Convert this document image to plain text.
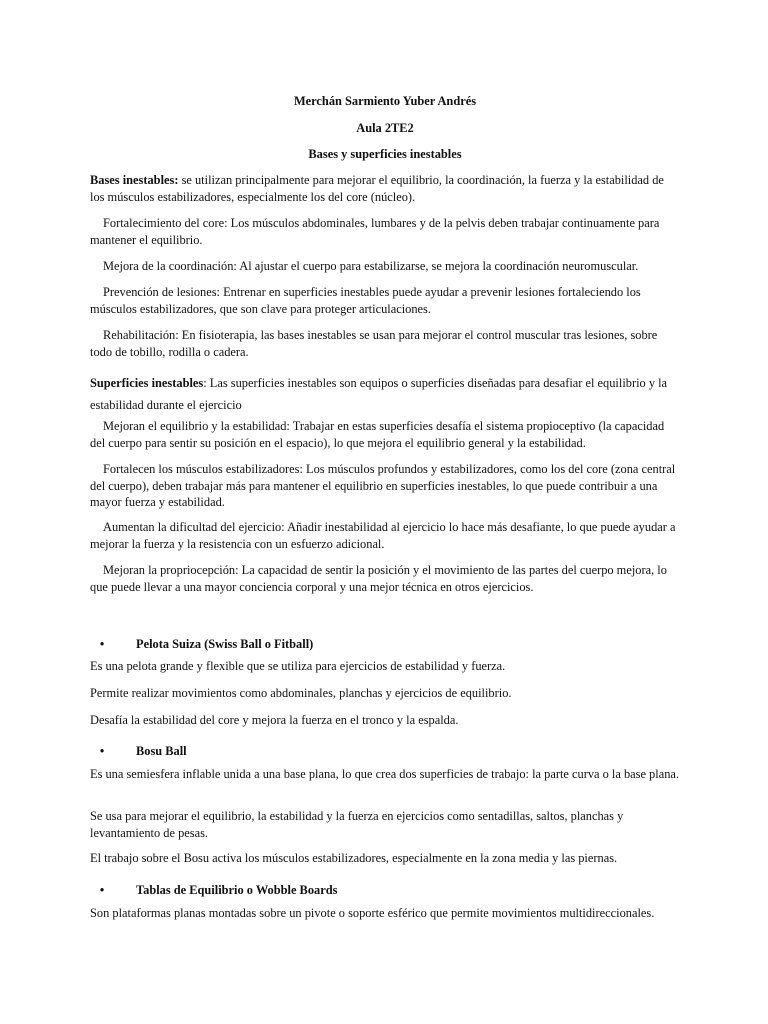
Merchán Sarmiento Yuber Andrés

Aula 2TE2

Bases y superficies inestables

Bases inestables: se utilizan principalmente para mejorar el equilibrio, la coordinación, la fuerza y la estabilidad de los músculos estabilizadores, especialmente los del core (núcleo).

Fortalecimiento del core: Los músculos abdominales, lumbares y de la pelvis deben trabajar continuamente para mantener el equilibrio.

Mejora de la coordinación: Al ajustar el cuerpo para estabilizarse, se mejora la coordinación neuromuscular.

Prevención de lesiones: Entrenar en superficies inestables puede ayudar a prevenir lesiones fortaleciendo los músculos estabilizadores, que son clave para proteger articulaciones.

Rehabilitación: En fisioterapia, las bases inestables se usan para mejorar el control muscular tras lesiones, sobre todo de tobillo, rodilla o cadera.

Superficies inestables: Las superficies inestables son equipos o superficies diseñadas para desafiar el equilibrio y la estabilidad durante el ejercicio

Mejoran el equilibrio y la estabilidad: Trabajar en estas superficies desafía el sistema propioceptivo (la capacidad del cuerpo para sentir su posición en el espacio), lo que mejora el equilibrio general y la estabilidad.

Fortalecen los músculos estabilizadores: Los músculos profundos y estabilizadores, como los del core (zona central del cuerpo), deben trabajar más para mantener el equilibrio en superficies inestables, lo que puede contribuir a una mayor fuerza y estabilidad.

Aumentan la dificultad del ejercicio: Añadir inestabilidad al ejercicio lo hace más desafiante, lo que puede ayudar a mejorar la fuerza y la resistencia con un esfuerzo adicional.

Mejoran la propriocepción: La capacidad de sentir la posición y el movimiento de las partes del cuerpo mejora, lo que puede llevar a una mayor conciencia corporal y una mejor técnica en otros ejercicios.

•	Pelota Suiza (Swiss Ball o Fitball)

Es una pelota grande y flexible que se utiliza para ejercicios de estabilidad y fuerza.

Permite realizar movimientos como abdominales, planchas y ejercicios de equilibrio.

Desafía la estabilidad del core y mejora la fuerza en el tronco y la espalda.

•	Bosu Ball

Es una semiesfera inflable unida a una base plana, lo que crea dos superficies de trabajo: la parte curva o la base plana.

Se usa para mejorar el equilibrio, la estabilidad y la fuerza en ejercicios como sentadillas, saltos, planchas y levantamiento de pesas.

El trabajo sobre el Bosu activa los músculos estabilizadores, especialmente en la zona media y las piernas.

•	Tablas de Equilibrio o Wobble Boards

Son plataformas planas montadas sobre un pivote o soporte esférico que permite movimientos multidireccionales.
